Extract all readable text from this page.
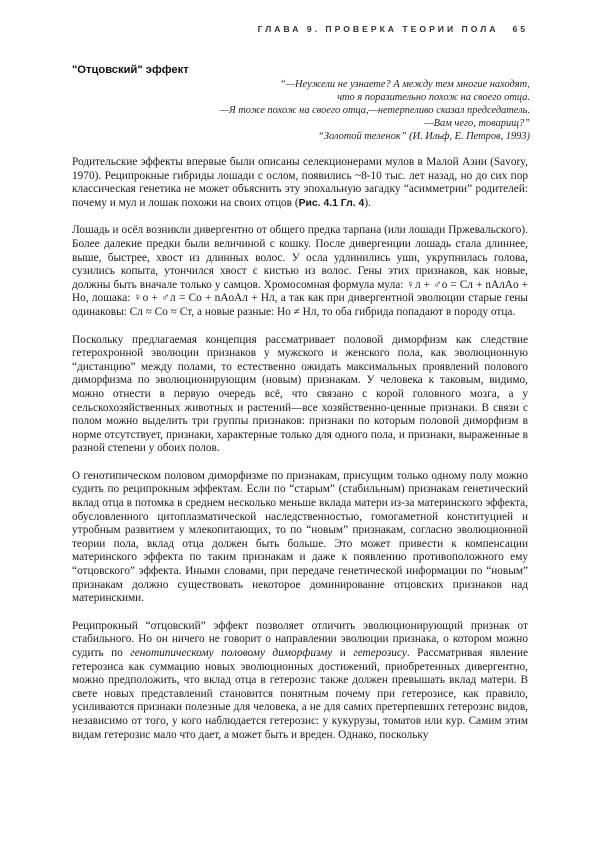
ГЛАВА 9. ПРОВЕРКА ТЕОРИИ ПОЛА 65
"Отцовский" эффект
“—Неужели не узнаете? А между тем многие находят,
что я поразительно похож на своего отца.
—Я тоже похож на своего отца,—нетерпеливо сказал председатель.
—Вам чего, товарищ?”
“Золотой теленок” (И. Ильф, Е. Петров, 1993)

Родительские эффекты впервые были описаны селекционерами мулов в Малой Азии (Savory, 1970). Реципрокные гибриды лошади с ослом, появились ~8-10 тыс. лет назад, но до сих пор классическая генетика не может объяснить эту эпохальную загадку “асимметрии” родителей: почему и мул и лошак похожи на своих отцов (Рис. 4.1 Гл. 4).

Лошадь и осёл возникли дивергентно от общего предка тарпана (или лошади Пржевальского). Более далекие предки были величиной с кошку. После дивергенции лошадь стала длиннее, выше, быстрее, хвост из длинных волос. У осла удлинились уши, укрупнилась голова, сузились копыта, утончился хвост с кистью из волос. Гены этих признаков, как новые, должны быть вначале только у самцов. Хромосомная формула мула: ♀л + ♂о = Cл + nAлAо + Hо, лошака: ♀о + ♂л = Cо + nAоAл + Hл, а так как при дивергентной эволюции старые гены одинаковы: Cл ≈ Cо ≈ Cт, а новые разные: Hо ≠ Hл, то оба гибрида попадают в породу отца.

Поскольку предлагаемая концепция рассматривает половой диморфизм как следствие гетерохронной эволюции признаков у мужского и женского пола, как эволюционную “дистанцию” между полами, то естественно ожидать максимальных проявлений полового диморфизма по эволюционирующим (новым) признакам. У человека к таковым, видимо, можно отнести в первую очередь всё, что связано с корой головного мозга, а у сельскохозяйственных животных и растений—все хозяйственно-ценные признаки. В связи с полом можно выделить три группы признаков: признаки по которым половой диморфизм в норме отсутствует, признаки, характерные только для одного пола, и признаки, выраженные в разной степени у обоих полов.

О генотипическом половом диморфизме по признакам, присущим только одному полу можно судить по реципрокным эффектам. Если по “старым” (стабильным) признакам генетический вклад отца в потомка в среднем несколько меньше вклада матери из-за материнского эффекта, обусловленного цитоплазматической наследственностью, гомогаметной конституцией и утробным развитием у млекопитающих, то по “новым” признакам, согласно эволюционной теории пола, вклад отца должен быть больше. Это может привести к компенсации материнского эффекта по таким признакам и даже к появлению противоположного ему “отцовского” эффекта. Иными словами, при передаче генетической информации по “новым” признакам должно существовать некоторое доминирование отцовских признаков над материнскими.

Реципрокный “отцовский” эффект позволяет отличить эволюционирующий признак от стабильного. Но он ничего не говорит о направлении эволюции признака, о котором можно судить по генотипическому половому диморфизму и гетерозису. Рассматривая явление гетерозиса как суммацию новых эволюционных достижений, приобретенных дивергентно, можно предположить, что вклад отца в гетерозис также должен превышать вклад матери. В свете новых представлений становится понятным почему при гетерозисе, как правило, усиливаются признаки полезные для человека, а не для самих претерпевших гетерозис видов, независимо от того, у кого наблюдается гетерозис: у кукурузы, томатов или кур. Самим этим видам гетерозис мало что дает, а может быть и вреден. Однако, поскольку
